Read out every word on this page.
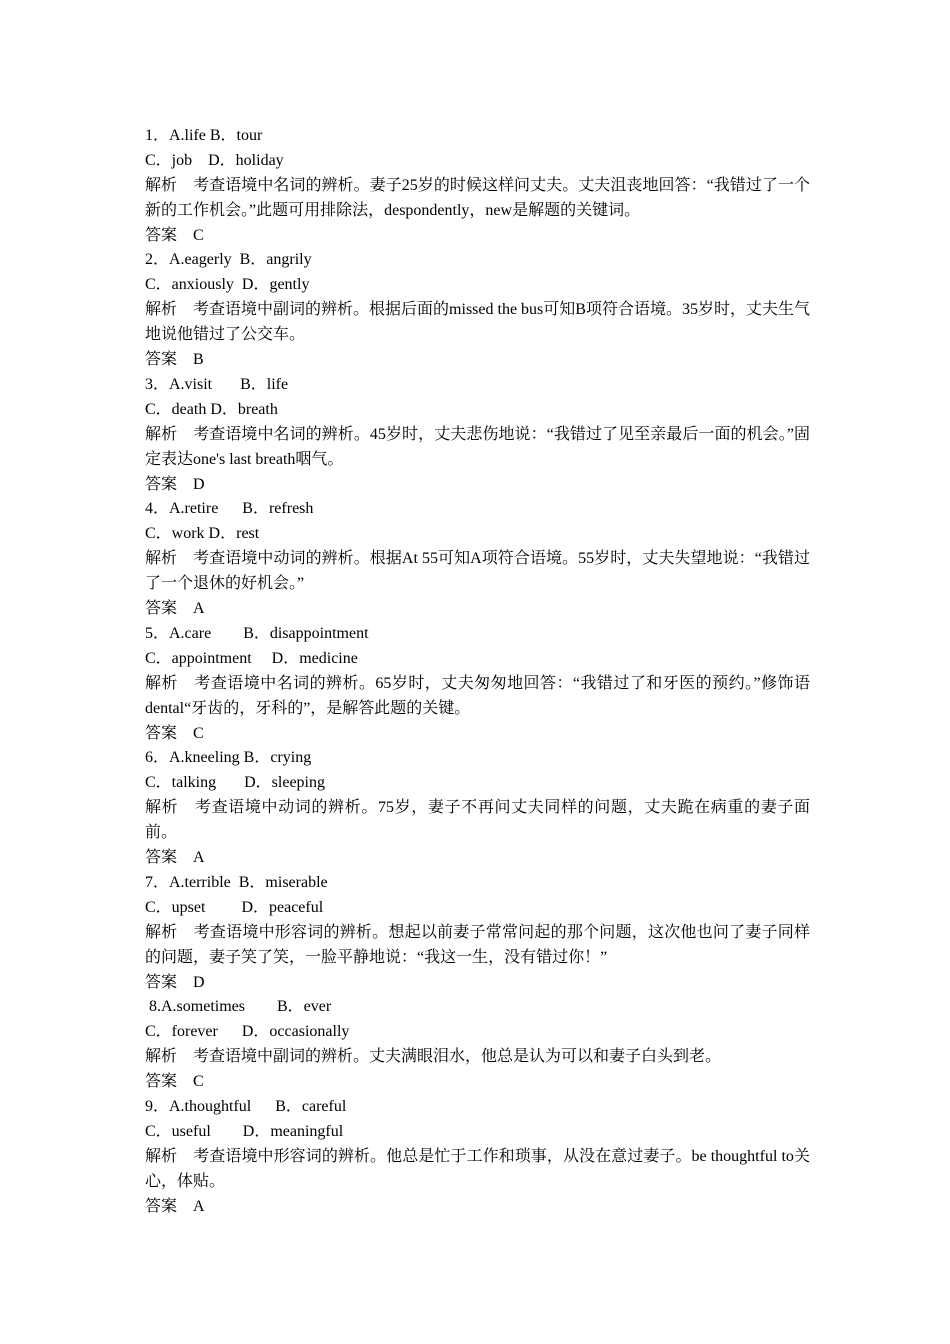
1．A.life B．tour
C．job　D．holiday
解析　考查语境中名词的辨析。妻子25岁的时候这样问丈夫。丈夫沮丧地回答：“我错过了一个新的工作机会。”此题可用排除法，despondently，new是解题的关键词。
答案　C
2．A.eagerly  B．angrily
C．anxiously  D．gently
解析　考查语境中副词的辨析。根据后面的missed the bus可知B项符合语境。35岁时，丈夫生气地说他错过了公交车。
答案　B
3．A.visit       B．life
C．death D．breath
解析　考查语境中名词的辨析。45岁时，丈夫悲伤地说：“我错过了见至亲最后一面的机会。”固定表达one's last breath咽气。
答案　D
4．A.retire      B．refresh
C．work D．rest
解析　考查语境中动词的辨析。根据At 55可知A项符合语境。55岁时，丈夫失望地说：“我错过了一个退休的好机会。”
答案　A
5．A.care        B．disappointment
C．appointment     D．medicine
解析　考查语境中名词的辨析。65岁时，丈夫匆匆地回答：“我错过了和牙医的预约。”修饰语dental“牙齿的，牙科的”，是解答此题的关键。
答案　C
6．A.kneeling B．crying
C．talking       D．sleeping
解析　考查语境中动词的辨析。75岁，妻子不再问丈夫同样的问题，丈夫跪在病重的妻子面前。
答案　A
7．A.terrible  B．miserable
C．upset         D．peaceful
解析　考查语境中形容词的辨析。想起以前妻子常常问起的那个问题，这次他也问了妻子同样的问题，妻子笑了笑，一脸平静地说：“我这一生，没有错过你！”
答案　D
8.A.sometimes        B．ever
C．forever      D．occasionally
解析　考查语境中副词的辨析。丈夫满眼泪水，他总是认为可以和妻子白头到老。
答案　C
9．A.thoughtful      B．careful
C．useful        D．meaningful
解析　考查语境中形容词的辨析。他总是忙于工作和琐事，从没在意过妻子。be thoughtful to关心，体贴。
答案　A
